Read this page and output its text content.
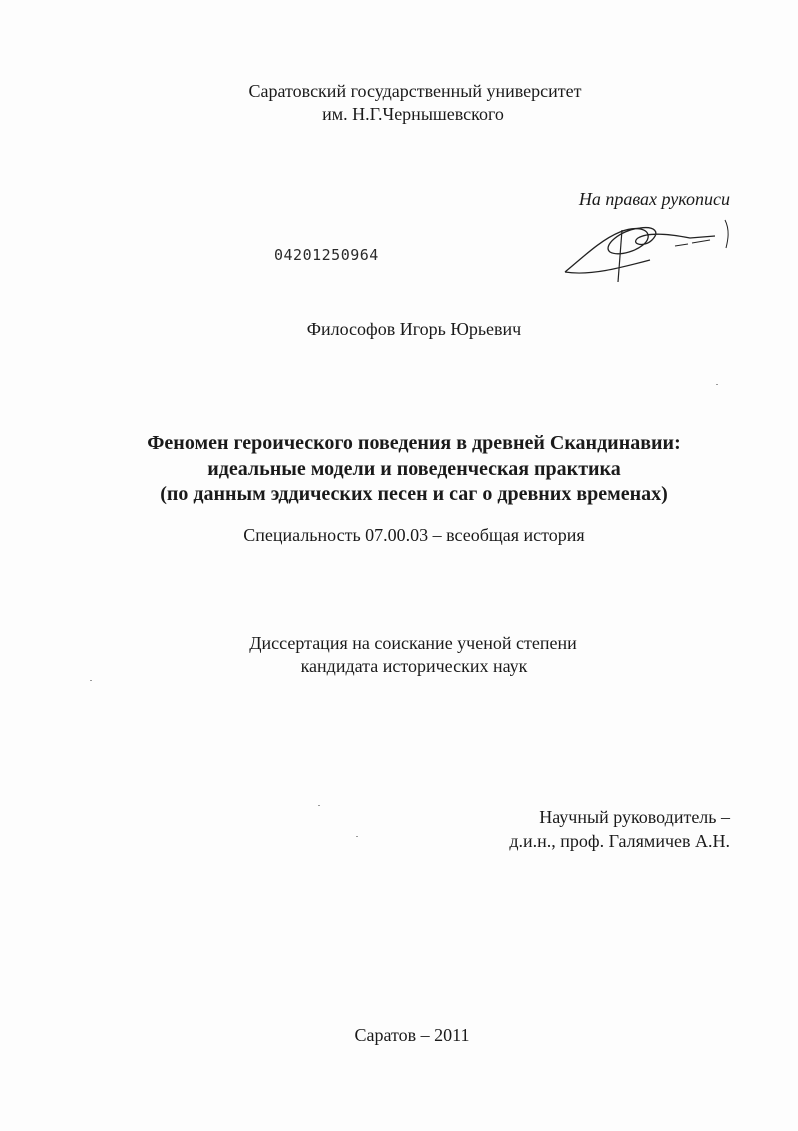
Саратовский государственный университет
им. Н.Г.Чернышевского
На правах рукописи
04201250964
Философов Игорь Юрьевич
Феномен героического поведения в древней Скандинавии:
идеальные модели и поведенческая практика
(по данным эддических песен и саг о древних временах)
Специальность 07.00.03 – всеобщая история
Диссертация на соискание ученой степени
кандидата исторических наук
Научный руководитель –
д.и.н., проф. Галямичев А.Н.
Саратов – 2011
